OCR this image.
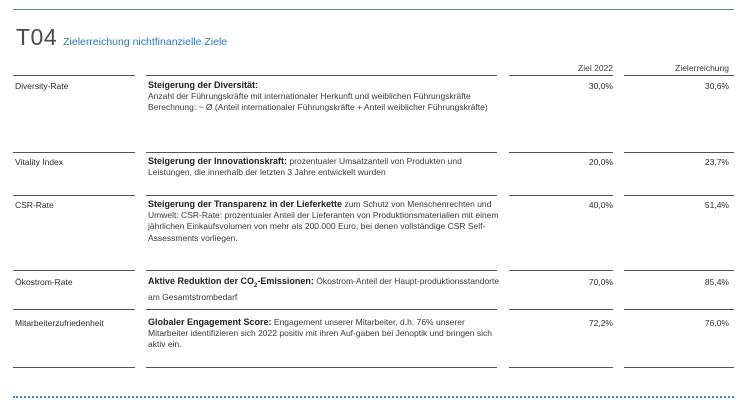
T04 Zielerreichung nichtfinanzielle Ziele
Ziel 2022	Zielerreichung
Diversity-Rate	Steigerung der Diversität:
Anzahl der Führungskräfte mit internationaler Herkunft und weiblichen Führungskräfte
Berechnung: ~ Ø (Anteil internationaler Führungskräfte + Anteil weiblicher Führungskräfte)
30,0%	30,6%
Vitality Index	Steigerung der Innovationskraft: prozentualer Umsatzanteil von Produkten und Leistungen, die innerhalb der letzten 3 Jahre entwickelt wurden
20,0%	23,7%
CSR-Rate	Steigerung der Transparenz in der Lieferkette zum Schutz von Menschenrechten und Umwelt: CSR-Rate: prozentualer Anteil der Lieferanten von Produktionsmaterialien mit einem jährlichen Einkaufsvolumen von mehr als 200.000 Euro, bei denen vollständige CSR Self-Assessments vorliegen.
40,0%	51,4%
Ökostrom-Rate	Aktive Reduktion der $CO_2$-Emissionen: Ökostrom-Anteil der Haupt-produktionsstandorte am Gesamtstrombedarf
70,0%	85,4%
Mitarbeiterzufriedenheit	Globaler Engagement Score: Engagement unserer Mitarbeiter, d.h. 76% unserer Mitarbeiter identifizieren sich 2022 positiv mit ihren Auf-gaben bei Jenoptik und bringen sich aktiv ein.
72,2%	76,0%
